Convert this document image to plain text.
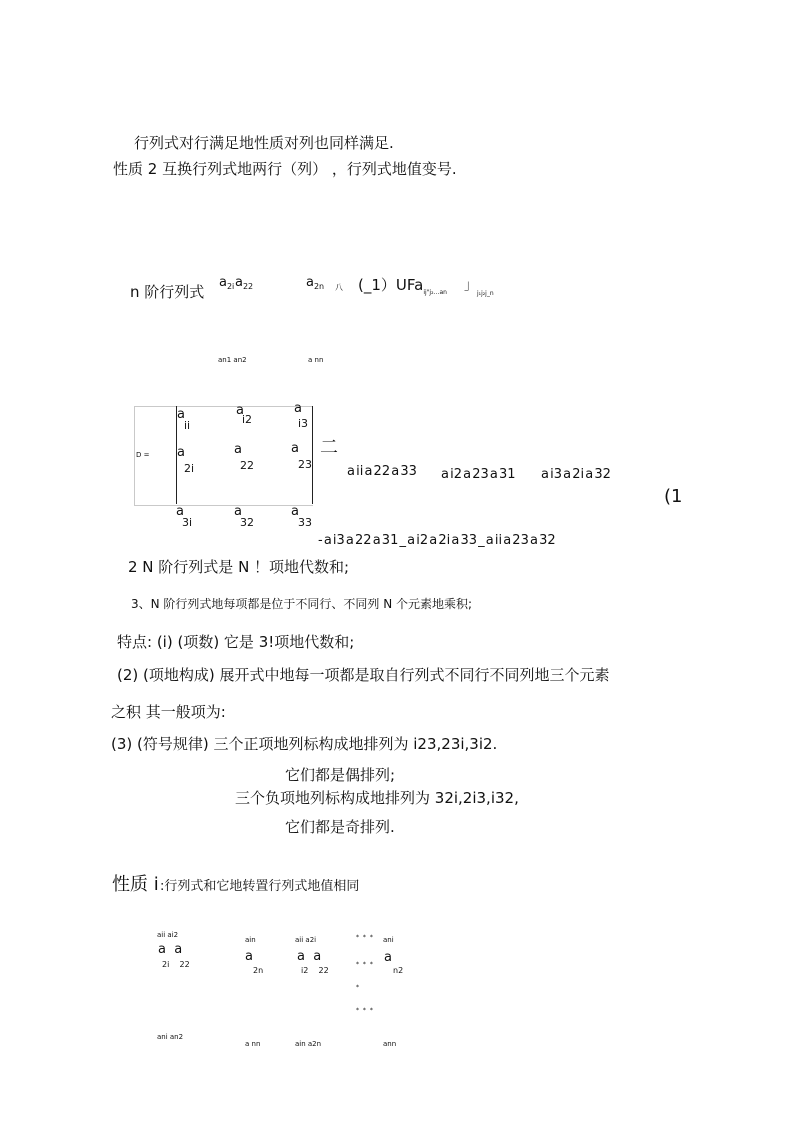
行列式对行满足地性质对列也同样满足.
性质 2 互换行列式地两行（列） ，行列式地值变号.
n 阶行列式
$a_{2i}$ $a_{22}$	$a_{2n}$ 八 (_1）UFa$_{ij"j_2\dots an}$ 」$_{j_1j_2j\_n}$
an1 an2	a nn
D =
a
ii
a
i2
a
i3
a
2i
a
22
a
23
a
3i
a
32
a
33
二
a ii a 22 a 33 a i2 a 23 a 31 a i3 a 2i a 32
(1
- a i3 a 22 a 31 _ a i2 a 2i a 33 _ a ii a 23 a 32
2 N 阶行列式是 N ！项地代数和;
3、N 阶行列式地每项都是位于不同行、不同列 N 个元素地乘积;
特点: (i) (项数) 它是 3!项地代数和;
(2) (项地构成) 展开式中地每一项都是取自行列式不同行不同列地三个元素
之积 其一般项为:
(3) (符号规律) 三个正项地列标构成地排列为 i23,23i,3i2.
它们都是偶排列;
三个负项地列标构成地排列为 32i,2i3,i32,
它们都是奇排列.
性质 i :行列式和它地转置行列式地值相同
aii ai2
a  a
2i    22
ani an2
ain
a
2n
a nn
aii a2i
a  a
i2    22
ain a2n
* * *
* * *
*
* * *
ani
a
n2
ann
